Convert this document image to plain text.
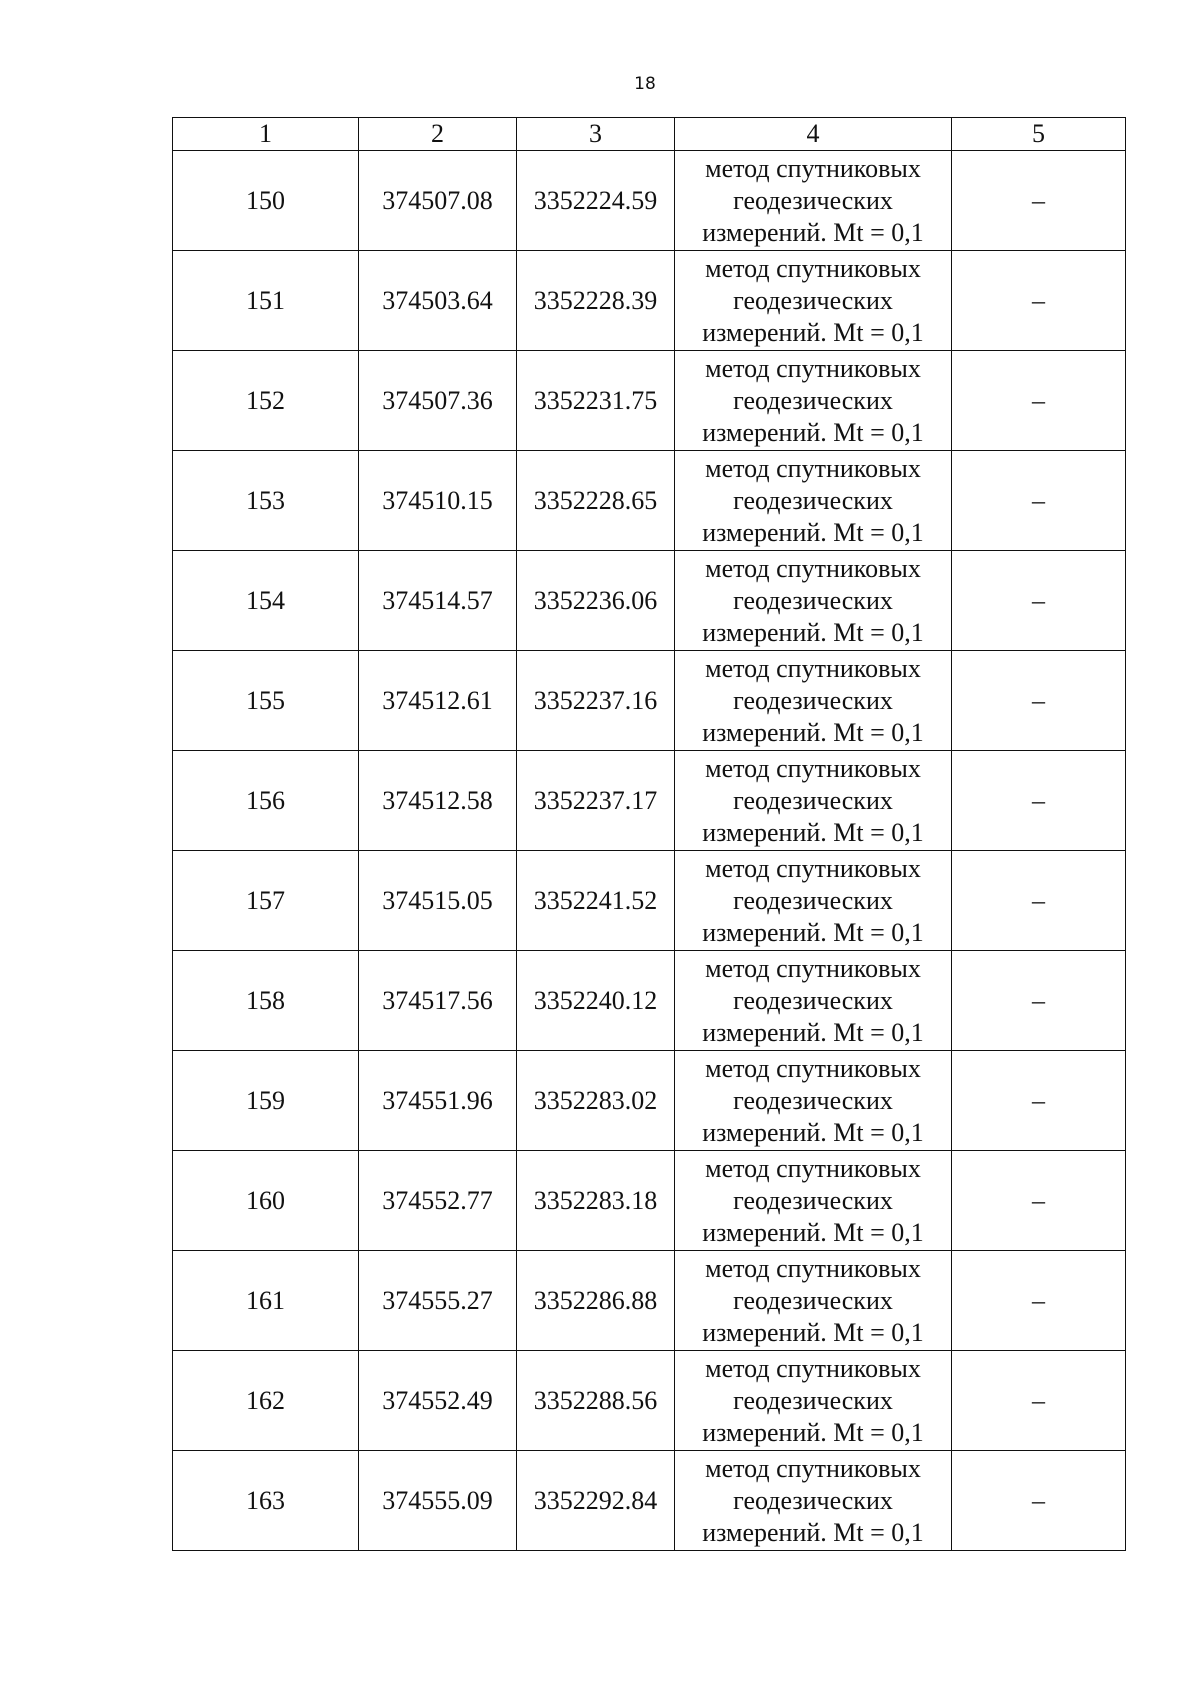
18
1	2	3	4	5
150	374507.08	3352224.59	метод спутниковых
геодезических
измерений. Mt = 0,1	–
151	374503.64	3352228.39	метод спутниковых
геодезических
измерений. Mt = 0,1	–
152	374507.36	3352231.75	метод спутниковых
геодезических
измерений. Mt = 0,1	–
153	374510.15	3352228.65	метод спутниковых
геодезических
измерений. Mt = 0,1	–
154	374514.57	3352236.06	метод спутниковых
геодезических
измерений. Mt = 0,1	–
155	374512.61	3352237.16	метод спутниковых
геодезических
измерений. Mt = 0,1	–
156	374512.58	3352237.17	метод спутниковых
геодезических
измерений. Mt = 0,1	–
157	374515.05	3352241.52	метод спутниковых
геодезических
измерений. Mt = 0,1	–
158	374517.56	3352240.12	метод спутниковых
геодезических
измерений. Mt = 0,1	–
159	374551.96	3352283.02	метод спутниковых
геодезических
измерений. Mt = 0,1	–
160	374552.77	3352283.18	метод спутниковых
геодезических
измерений. Mt = 0,1	–
161	374555.27	3352286.88	метод спутниковых
геодезических
измерений. Mt = 0,1	–
162	374552.49	3352288.56	метод спутниковых
геодезических
измерений. Mt = 0,1	–
163	374555.09	3352292.84	метод спутниковых
геодезических
измерений. Mt = 0,1	–
